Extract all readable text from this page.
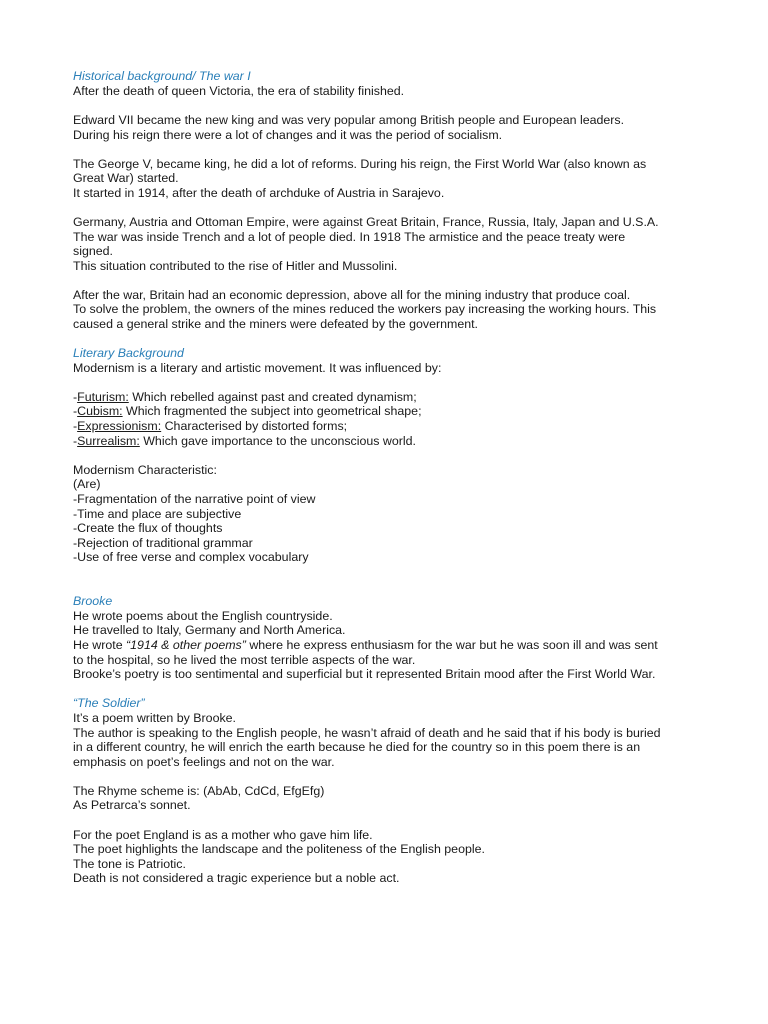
Historical background/ The war I
After the death of queen Victoria, the era of stability finished.
Edward VII became the new king and was very popular among British people and European leaders.
During his reign there were a lot of changes and it was the period of socialism.
The George V, became king, he did a lot of reforms. During his reign, the First World War (also known as
Great War) started.
It started in 1914, after the death of archduke of Austria in Sarajevo.
Germany, Austria and Ottoman Empire, were against Great Britain, France, Russia, Italy, Japan and U.S.A.
The war was inside Trench and a lot of people died. In 1918 The armistice and the peace treaty were
signed.
This situation contributed to the rise of Hitler and Mussolini.
After the war, Britain had an economic depression, above all for the mining industry that produce coal.
To solve the problem, the owners of the mines reduced the workers pay increasing the working hours. This
caused a general strike and the miners were defeated by the government.
Literary Background
Modernism is a literary and artistic movement. It was influenced by:
-Futurism: Which rebelled against past and created dynamism;
-Cubism: Which fragmented the subject into geometrical shape;
-Expressionism: Characterised by distorted forms;
-Surrealism: Which gave importance to the unconscious world.
Modernism Characteristic:
(Are)
-Fragmentation of the narrative point of view
-Time and place are subjective
-Create the flux of thoughts
-Rejection of traditional grammar
-Use of free verse and complex vocabulary
Brooke
He wrote poems about the English countryside.
He travelled to Italy, Germany and North America.
He wrote “1914 & other poems” where he express enthusiasm for the war but he was soon ill and was sent
to the hospital, so he lived the most terrible aspects of the war.
Brooke’s poetry is too sentimental and superficial but it represented Britain mood after the First World War.
“The Soldier”
It’s a poem written by Brooke.
The author is speaking to the English people, he wasn’t afraid of death and he said that if his body is buried
in a different country, he will enrich the earth because he died for the country so in this poem there is an
emphasis on poet’s feelings and not on the war.
The Rhyme scheme is: (AbAb, CdCd, EfgEfg)
As Petrarca’s sonnet.
For the poet England is as a mother who gave him life.
The poet highlights the landscape and the politeness of the English people.
The tone is Patriotic.
Death is not considered a tragic experience but a noble act.
